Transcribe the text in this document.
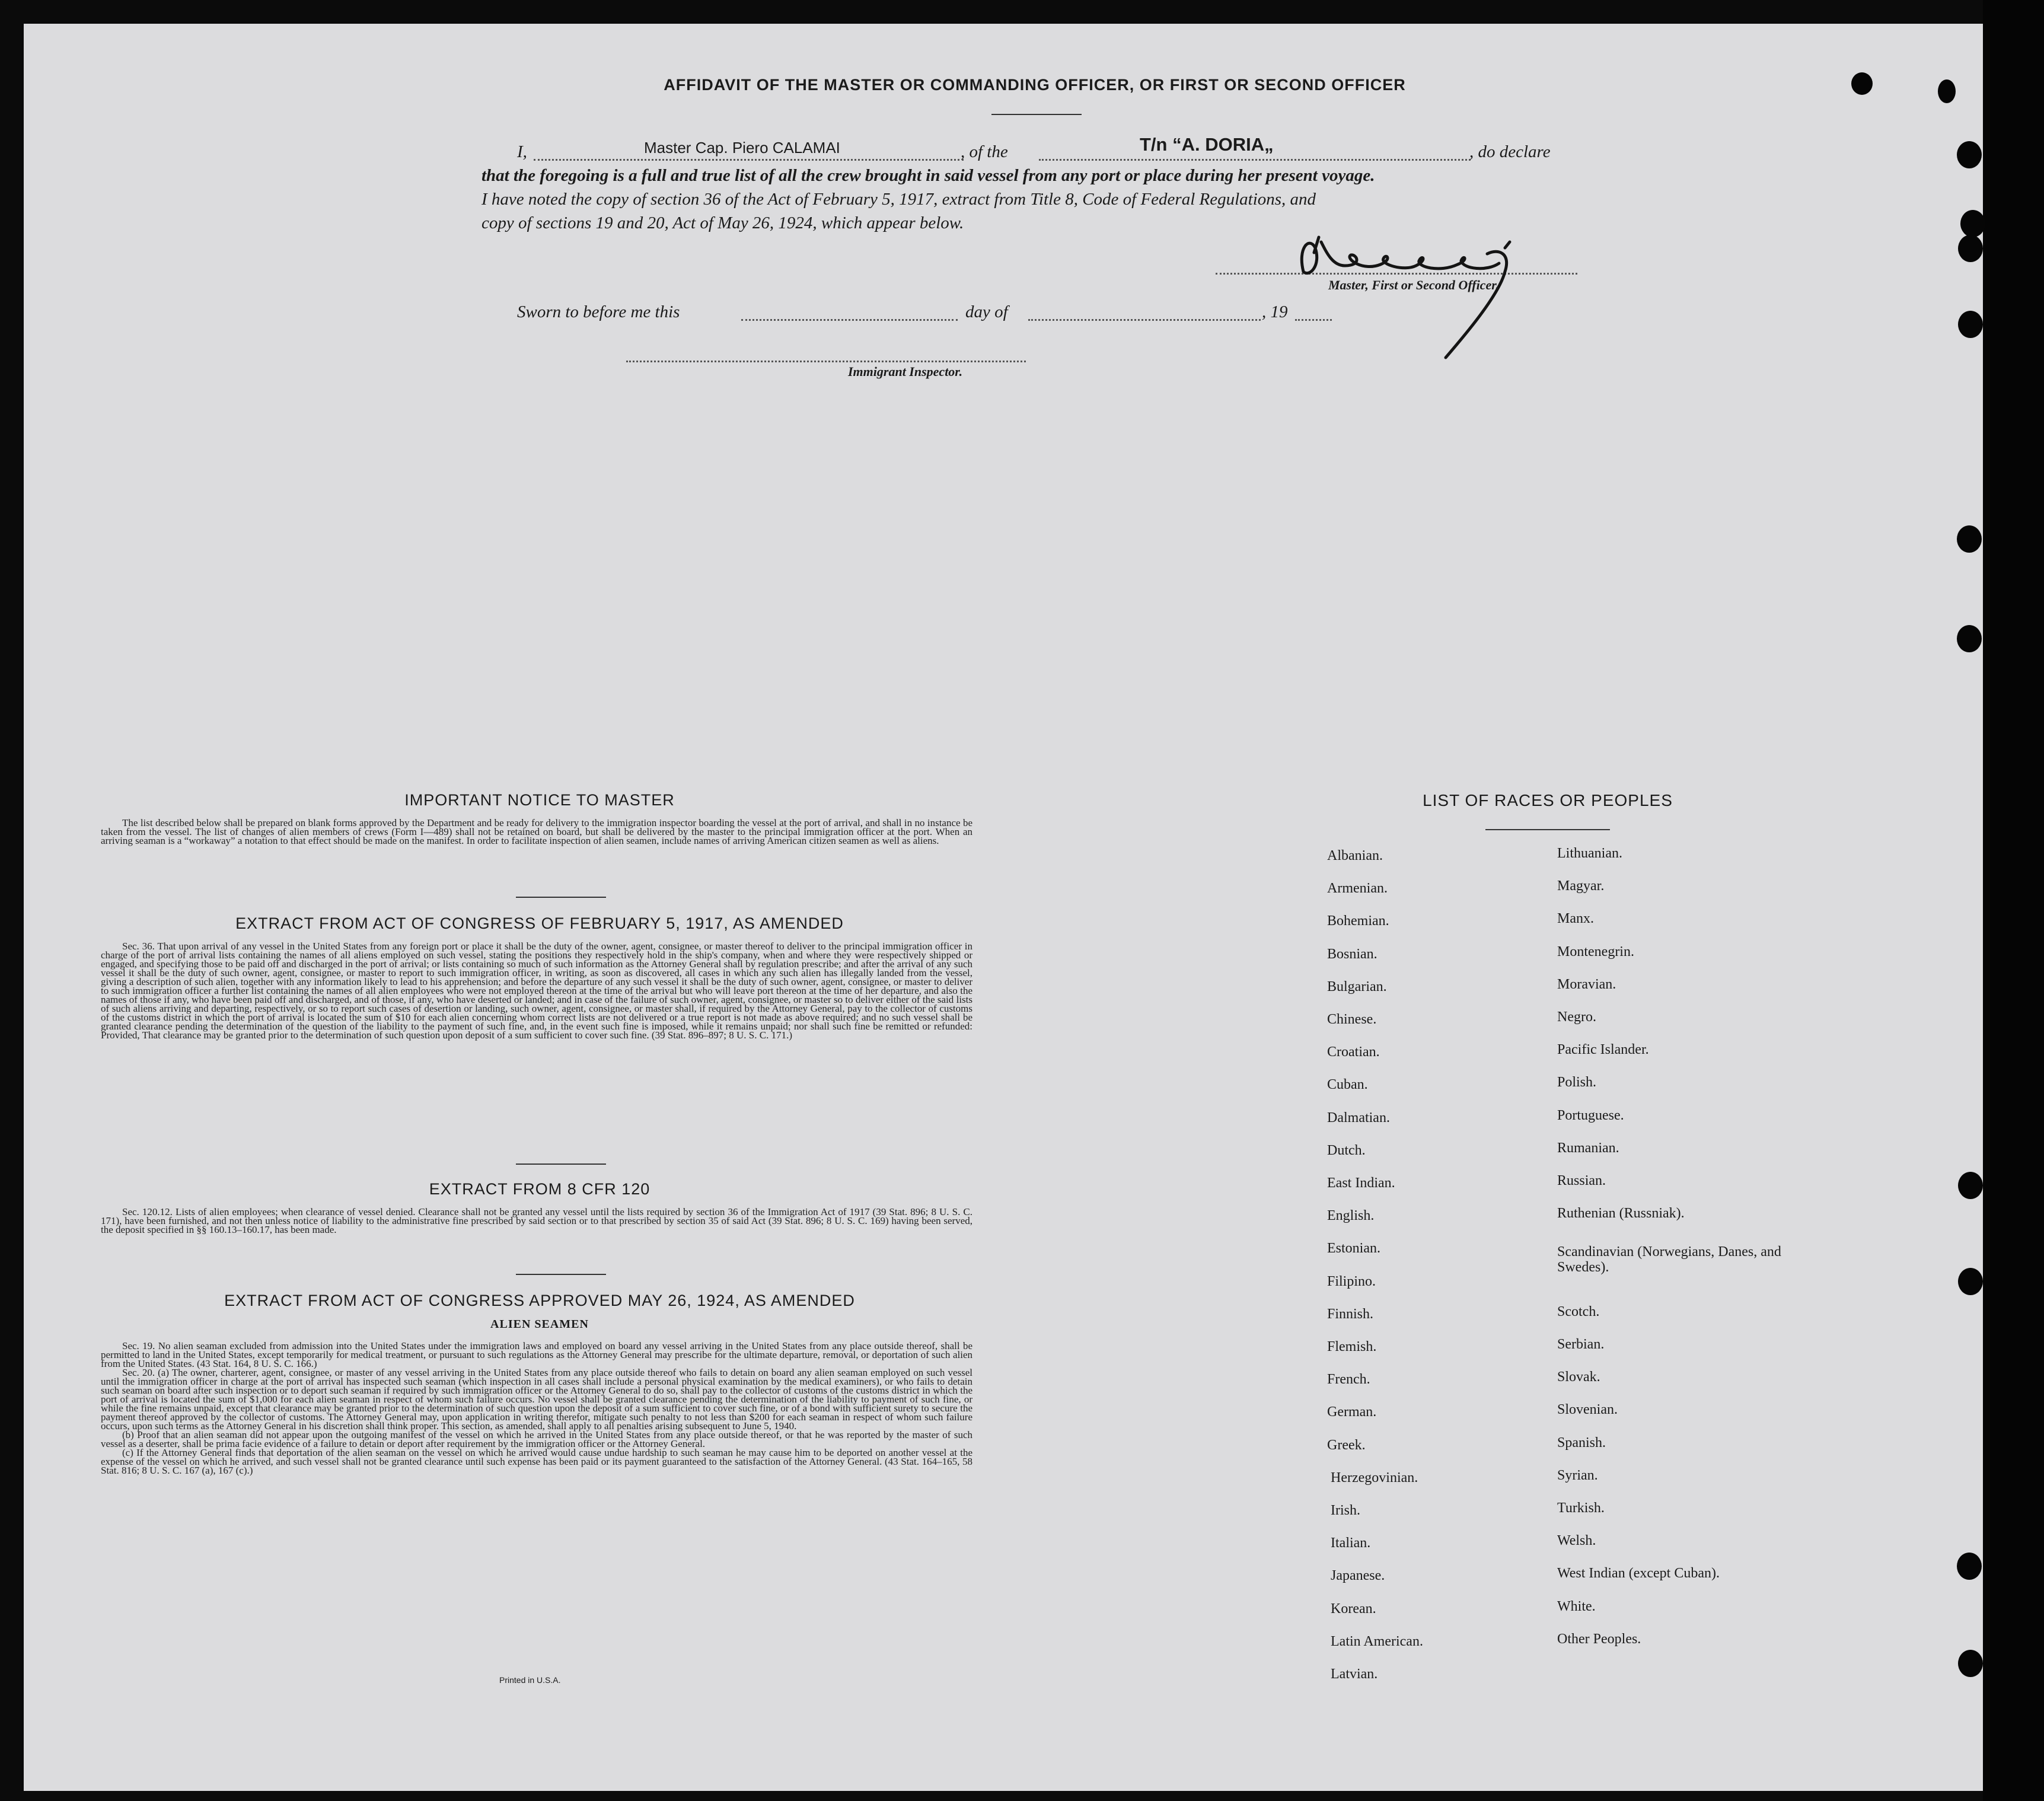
AFFIDAVIT OF THE MASTER OR COMMANDING OFFICER, OR FIRST OR SECOND OFFICER
I,	Master Cap. Piero CALAMAI	, of the	T/n “A. DORIA„	, do declare
that the foregoing is a full and true list of all the crew brought in said vessel from any port or place during her present voyage.
I have noted the copy of section 36 of the Act of February 5, 1917, extract from Title 8, Code of Federal Regulations, and
copy of sections 19 and 20, Act of May 26, 1924, which appear below.
Master, First or Second Officer.
Sworn to before me this	day of	, 19
Immigrant Inspector.
IMPORTANT NOTICE TO MASTER

The list described below shall be prepared on blank forms approved by the Department and be ready for delivery to the immigration inspector boarding the vessel at the port of arrival, and shall in no instance be taken from the vessel. The list of changes of alien members of crews (Form I—489) shall not be retained on board, but shall be delivered by the master to the principal immigration officer at the port. When an arriving seaman is a “workaway” a notation to that effect should be made on the manifest. In order to facilitate inspection of alien seamen, include names of arriving American citizen seamen as well as aliens.

EXTRACT FROM ACT OF CONGRESS OF FEBRUARY 5, 1917, AS AMENDED

Sec. 36. That upon arrival of any vessel in the United States from any foreign port or place it shall be the duty of the owner, agent, consignee, or master thereof to deliver to the principal immigration officer in charge of the port of arrival lists containing the names of all aliens employed on such vessel, stating the positions they respectively hold in the ship's company, when and where they were respectively shipped or engaged, and specifying those to be paid off and discharged in the port of arrival; or lists containing so much of such information as the Attorney General shall by regulation prescribe; and after the arrival of any such vessel it shall be the duty of such owner, agent, consignee, or master to report to such immigration officer, in writing, as soon as discovered, all cases in which any such alien has illegally landed from the vessel, giving a description of such alien, together with any information likely to lead to his apprehension; and before the departure of any such vessel it shall be the duty of such owner, agent, consignee, or master to deliver to such immigration officer a further list containing the names of all alien employees who were not employed thereon at the time of the arrival but who will leave port thereon at the time of her departure, and also the names of those if any, who have been paid off and discharged, and of those, if any, who have deserted or landed; and in case of the failure of such owner, agent, consignee, or master so to deliver either of the said lists of such aliens arriving and departing, respectively, or so to report such cases of desertion or landing, such owner, agent, consignee, or master shall, if required by the Attorney General, pay to the collector of customs of the customs district in which the port of arrival is located the sum of $10 for each alien concerning whom correct lists are not delivered or a true report is not made as above required; and no such vessel shall be granted clearance pending the determination of the question of the liability to the payment of such fine, and, in the event such fine is imposed, while it remains unpaid; nor shall such fine be remitted or refunded: Provided, That clearance may be granted prior to the determination of such question upon deposit of a sum sufficient to cover such fine. (39 Stat. 896–897; 8 U. S. C. 171.)

EXTRACT FROM 8 CFR 120

Sec. 120.12. Lists of alien employees; when clearance of vessel denied. Clearance shall not be granted any vessel until the lists required by section 36 of the Immigration Act of 1917 (39 Stat. 896; 8 U. S. C. 171), have been furnished, and not then unless notice of liability to the administrative fine prescribed by said section or to that prescribed by section 35 of said Act (39 Stat. 896; 8 U. S. C. 169) having been served, the deposit specified in §§ 160.13–160.17, has been made.

EXTRACT FROM ACT OF CONGRESS APPROVED MAY 26, 1924, AS AMENDED
ALIEN SEAMEN

Sec. 19. No alien seaman excluded from admission into the United States under the immigration laws and employed on board any vessel arriving in the United States from any place outside thereof, shall be permitted to land in the United States, except temporarily for medical treatment, or pursuant to such regulations as the Attorney General may prescribe for the ultimate departure, removal, or deportation of such alien from the United States. (43 Stat. 164, 8 U. S. C. 166.)

Sec. 20. (a) The owner, charterer, agent, consignee, or master of any vessel arriving in the United States from any place outside thereof who fails to detain on board any alien seaman employed on such vessel until the immigration officer in charge at the port of arrival has inspected such seaman (which inspection in all cases shall include a personal physical examination by the medical examiners), or who fails to detain such seaman on board after such inspection or to deport such seaman if required by such immigration officer or the Attorney General to do so, shall pay to the collector of customs of the customs district in which the port of arrival is located the sum of $1,000 for each alien seaman in respect of whom such failure occurs. No vessel shall be granted clearance pending the determination of the liability to payment of such fine, or while the fine remains unpaid, except that clearance may be granted prior to the determination of such question upon the deposit of a sum sufficient to cover such fine, or of a bond with sufficient surety to secure the payment thereof approved by the collector of customs. The Attorney General may, upon application in writing therefor, mitigate such penalty to not less than $200 for each seaman in respect of whom such failure occurs, upon such terms as the Attorney General in his discretion shall think proper. This section, as amended, shall apply to all penalties arising subsequent to June 5, 1940.

(b) Proof that an alien seaman did not appear upon the outgoing manifest of the vessel on which he arrived in the United States from any place outside thereof, or that he was reported by the master of such vessel as a deserter, shall be prima facie evidence of a failure to detain or deport after requirement by the immigration officer or the Attorney General.

(c) If the Attorney General finds that deportation of the alien seaman on the vessel on which he arrived would cause undue hardship to such seaman he may cause him to be deported on another vessel at the expense of the vessel on which he arrived, and such vessel shall not be granted clearance until such expense has been paid or its payment guaranteed to the satisfaction of the Attorney General. (43 Stat. 164–165, 58 Stat. 816; 8 U. S. C. 167 (a), 167 (c).)

Printed in U.S.A.
LIST OF RACES OR PEOPLES
Albanian.
Armenian.
Bohemian.
Bosnian.
Bulgarian.
Chinese.
Croatian.
Cuban.
Dalmatian.
Dutch.
East Indian.
English.
Estonian.
Filipino.
Finnish.
Flemish.
French.
German.
Greek.
Herzegovinian.
Irish.
Italian.
Japanese.
Korean.
Latin American.
Latvian.
Lithuanian.
Magyar.
Manx.
Montenegrin.
Moravian.
Negro.
Pacific Islander.
Polish.
Portuguese.
Rumanian.
Russian.
Ruthenian (Russniak).
Scandinavian (Norwegians, Danes, and Swedes).
Scotch.
Serbian.
Slovak.
Slovenian.
Spanish.
Syrian.
Turkish.
Welsh.
West Indian (except Cuban).
White.
Other Peoples.
